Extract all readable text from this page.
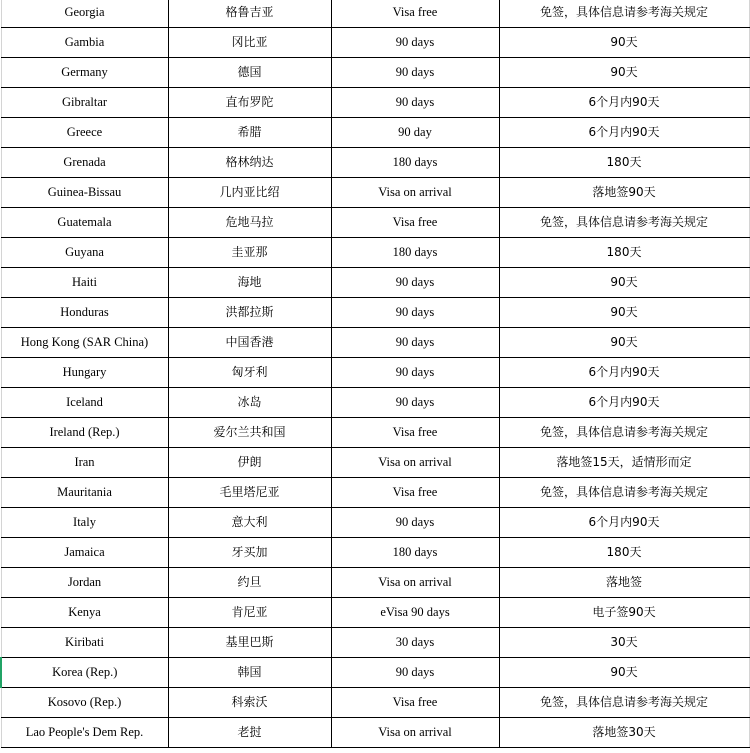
Georgia	格鲁吉亚	Visa free	免签，具体信息请参考海关规定
Gambia	冈比亚	90 days	90天
Germany	德国	90 days	90天
Gibraltar	直布罗陀	90 days	6个月内90天
Greece	希腊	90 day	6个月内90天
Grenada	格林纳达	180 days	180天
Guinea-Bissau	几内亚比绍	Visa on arrival	落地签90天
Guatemala	危地马拉	Visa free	免签，具体信息请参考海关规定
Guyana	圭亚那	180 days	180天
Haiti	海地	90 days	90天
Honduras	洪都拉斯	90 days	90天
Hong Kong (SAR China)	中国香港	90 days	90天
Hungary	匈牙利	90 days	6个月内90天
Iceland	冰岛	90 days	6个月内90天
Ireland (Rep.)	爱尔兰共和国	Visa free	免签，具体信息请参考海关规定
Iran	伊朗	Visa on arrival	落地签15天，适情形而定
Mauritania	毛里塔尼亚	Visa free	免签，具体信息请参考海关规定
Italy	意大利	90 days	6个月内90天
Jamaica	牙买加	180 days	180天
Jordan	约旦	Visa on arrival	落地签
Kenya	肯尼亚	eVisa 90 days	电子签90天
Kiribati	基里巴斯	30 days	30天
Korea (Rep.)	韩国	90 days	90天
Kosovo (Rep.)	科索沃	Visa free	免签，具体信息请参考海关规定
Lao People's Dem Rep.	老挝	Visa on arrival	落地签30天
